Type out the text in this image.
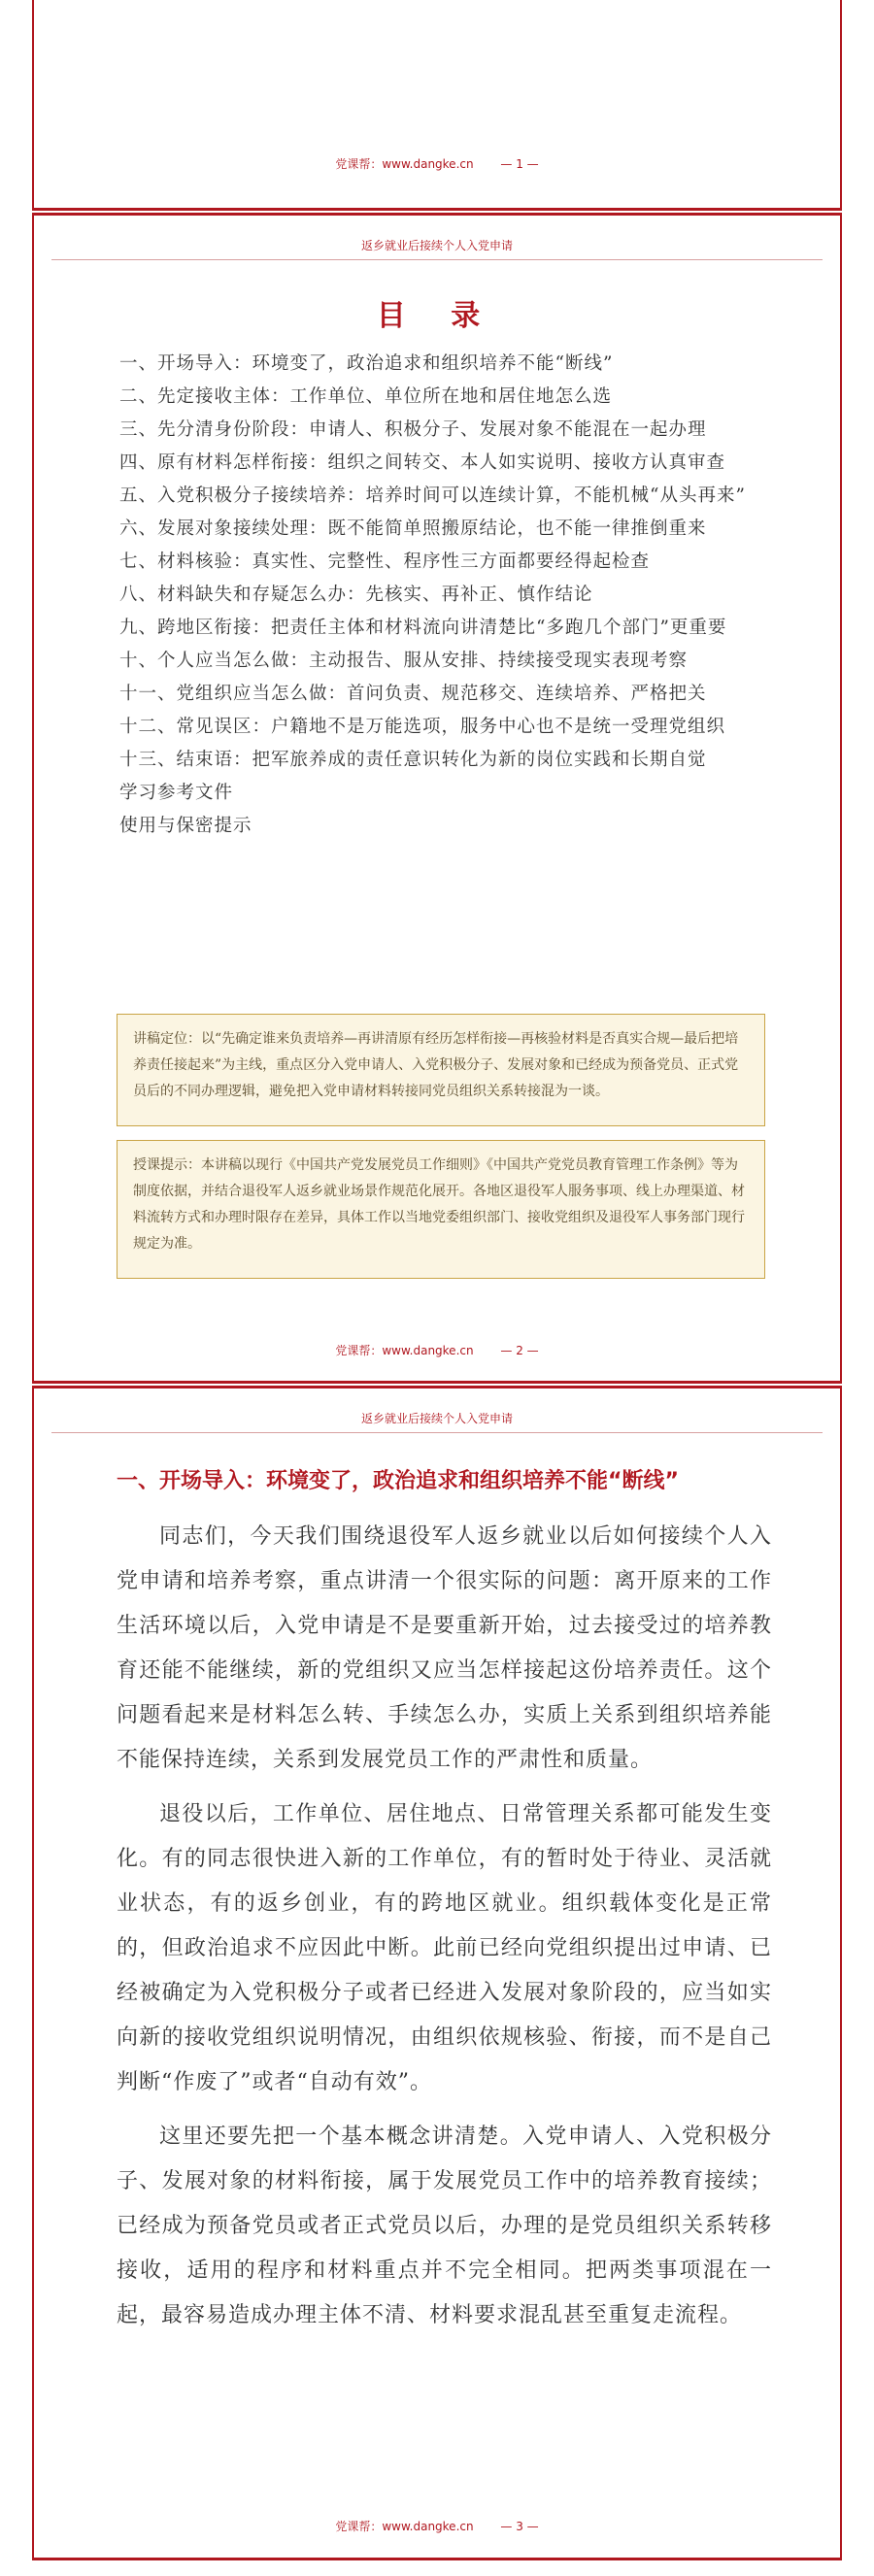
党课帮：www.dangke.cn — 1 —
返乡就业后接续个人入党申请
目 录
一、开场导入：环境变了，政治追求和组织培养不能“断线”
二、先定接收主体：工作单位、单位所在地和居住地怎么选
三、先分清身份阶段：申请人、积极分子、发展对象不能混在一起办理
四、原有材料怎样衔接：组织之间转交、本人如实说明、接收方认真审查
五、入党积极分子接续培养：培养时间可以连续计算，不能机械“从头再来”
六、发展对象接续处理：既不能简单照搬原结论，也不能一律推倒重来
七、材料核验：真实性、完整性、程序性三方面都要经得起检查
八、材料缺失和存疑怎么办：先核实、再补正、慎作结论
九、跨地区衔接：把责任主体和材料流向讲清楚比“多跑几个部门”更重要
十、个人应当怎么做：主动报告、服从安排、持续接受现实表现考察
十一、党组织应当怎么做：首问负责、规范移交、连续培养、严格把关
十二、常见误区：户籍地不是万能选项，服务中心也不是统一受理党组织
十三、结束语：把军旅养成的责任意识转化为新的岗位实践和长期自觉
学习参考文件
使用与保密提示
讲稿定位：以“先确定谁来负责培养—再讲清原有经历怎样衔接—再核验材料是否真实合规—最后把培养责任接起来”为主线，重点区分入党申请人、入党积极分子、发展对象和已经成为预备党员、正式党员后的不同办理逻辑，避免把入党申请材料转接同党员组织关系转接混为一谈。
授课提示：本讲稿以现行《中国共产党发展党员工作细则》《中国共产党党员教育管理工作条例》等为制度依据，并结合退役军人返乡就业场景作规范化展开。各地区退役军人服务事项、线上办理渠道、材料流转方式和办理时限存在差异，具体工作以当地党委组织部门、接收党组织及退役军人事务部门现行规定为准。
党课帮：www.dangke.cn — 2 —
返乡就业后接续个人入党申请
一、开场导入：环境变了，政治追求和组织培养不能“断线”

同志们，今天我们围绕退役军人返乡就业以后如何接续个人入党申请和培养考察，重点讲清一个很实际的问题：离开原来的工作生活环境以后，入党申请是不是要重新开始，过去接受过的培养教育还能不能继续，新的党组织又应当怎样接起这份培养责任。这个问题看起来是材料怎么转、手续怎么办，实质上关系到组织培养能不能保持连续，关系到发展党员工作的严肃性和质量。

退役以后，工作单位、居住地点、日常管理关系都可能发生变化。有的同志很快进入新的工作单位，有的暂时处于待业、灵活就业状态，有的返乡创业，有的跨地区就业。组织载体变化是正常的，但政治追求不应因此中断。此前已经向党组织提出过申请、已经被确定为入党积极分子或者已经进入发展对象阶段的，应当如实向新的接收党组织说明情况，由组织依规核验、衔接，而不是自己判断“作废了”或者“自动有效”。

这里还要先把一个基本概念讲清楚。入党申请人、入党积极分子、发展对象的材料衔接，属于发展党员工作中的培养教育接续；已经成为预备党员或者正式党员以后，办理的是党员组织关系转移接收，适用的程序和材料重点并不完全相同。把两类事项混在一起，最容易造成办理主体不清、材料要求混乱甚至重复走流程。

党课帮：www.dangke.cn — 3 —
